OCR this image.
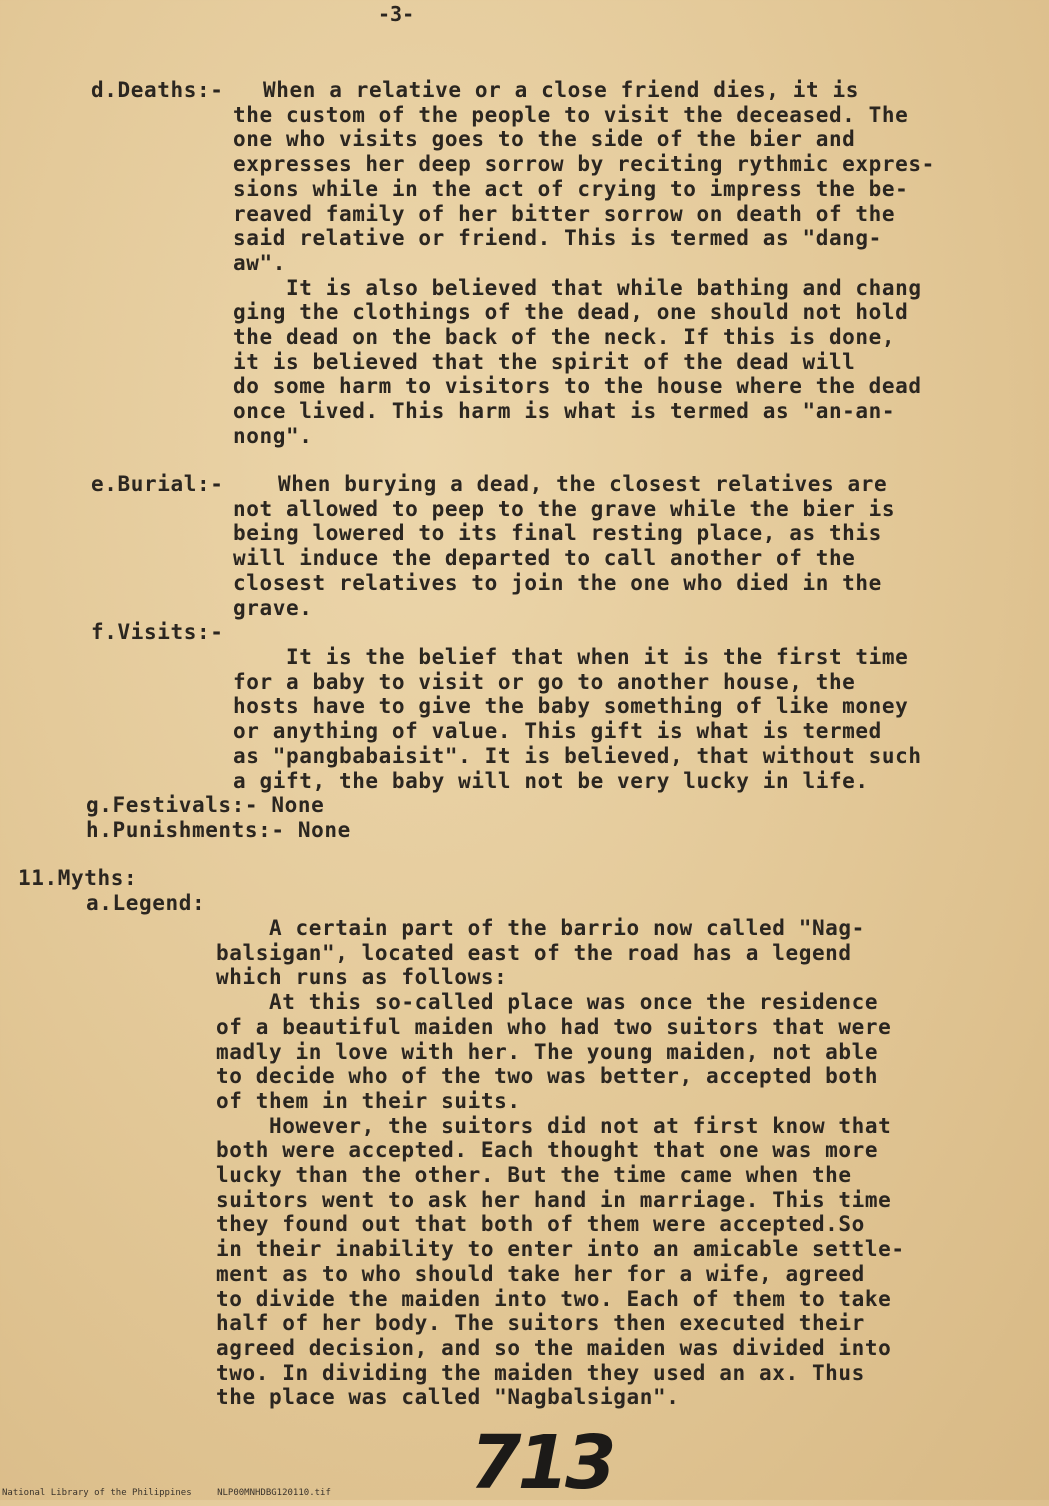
-3-
d.Deaths:-	When a relative or a close friend dies, it is
the custom of the people to visit the deceased. The
one who visits goes to the side of the bier and
expresses her deep sorrow by reciting rythmic expres-
sions while in the act of crying to impress the be-
reaved family of her bitter sorrow on death of the
said relative or friend. This is termed as "dang-
aw".
It is also believed that while bathing and chang
ging the clothings of the dead, one should not hold
the dead on the back of the neck. If this is done,
it is believed that the spirit of the dead will
do some harm to visitors to the house where the dead
once lived. This harm is what is termed as "an-an-
nong".
e.Burial:-	When burying a dead, the closest relatives are
not allowed to peep to the grave while the bier is
being lowered to its final resting place, as this
will induce the departed to call another of the
closest relatives to join the one who died in the
grave.
f.Visits:-
It is the belief that when it is the first time
for a baby to visit or go to another house, the
hosts have to give the baby something of like money
or anything of value. This gift is what is termed
as "pangbabaisit". It is believed, that without such
a gift, the baby will not be very lucky in life.
g.Festivals:- None
h.Punishments:- None
11.Myths:
a.Legend:
A certain part of the barrio now called "Nag-
balsigan", located east of the road has a legend
which runs as follows:
At this so-called place was once the residence
of a beautiful maiden who had two suitors that were
madly in love with her. The young maiden, not able
to decide who of the two was better, accepted both
of them in their suits.
However, the suitors did not at first know that
both were accepted. Each thought that one was more
lucky than the other. But the time came when the
suitors went to ask her hand in marriage. This time
they found out that both of them were accepted.So
in their inability to enter into an amicable settle-
ment as to who should take her for a wife, agreed
to divide the maiden into two. Each of them to take
half of her body. The suitors then executed their
agreed decision, and so the maiden was divided into
two. In dividing the maiden they used an ax. Thus
the place was called "Nagbalsigan".
713
National Library of the Philippines	NLP00MNHDBG120110.tif
